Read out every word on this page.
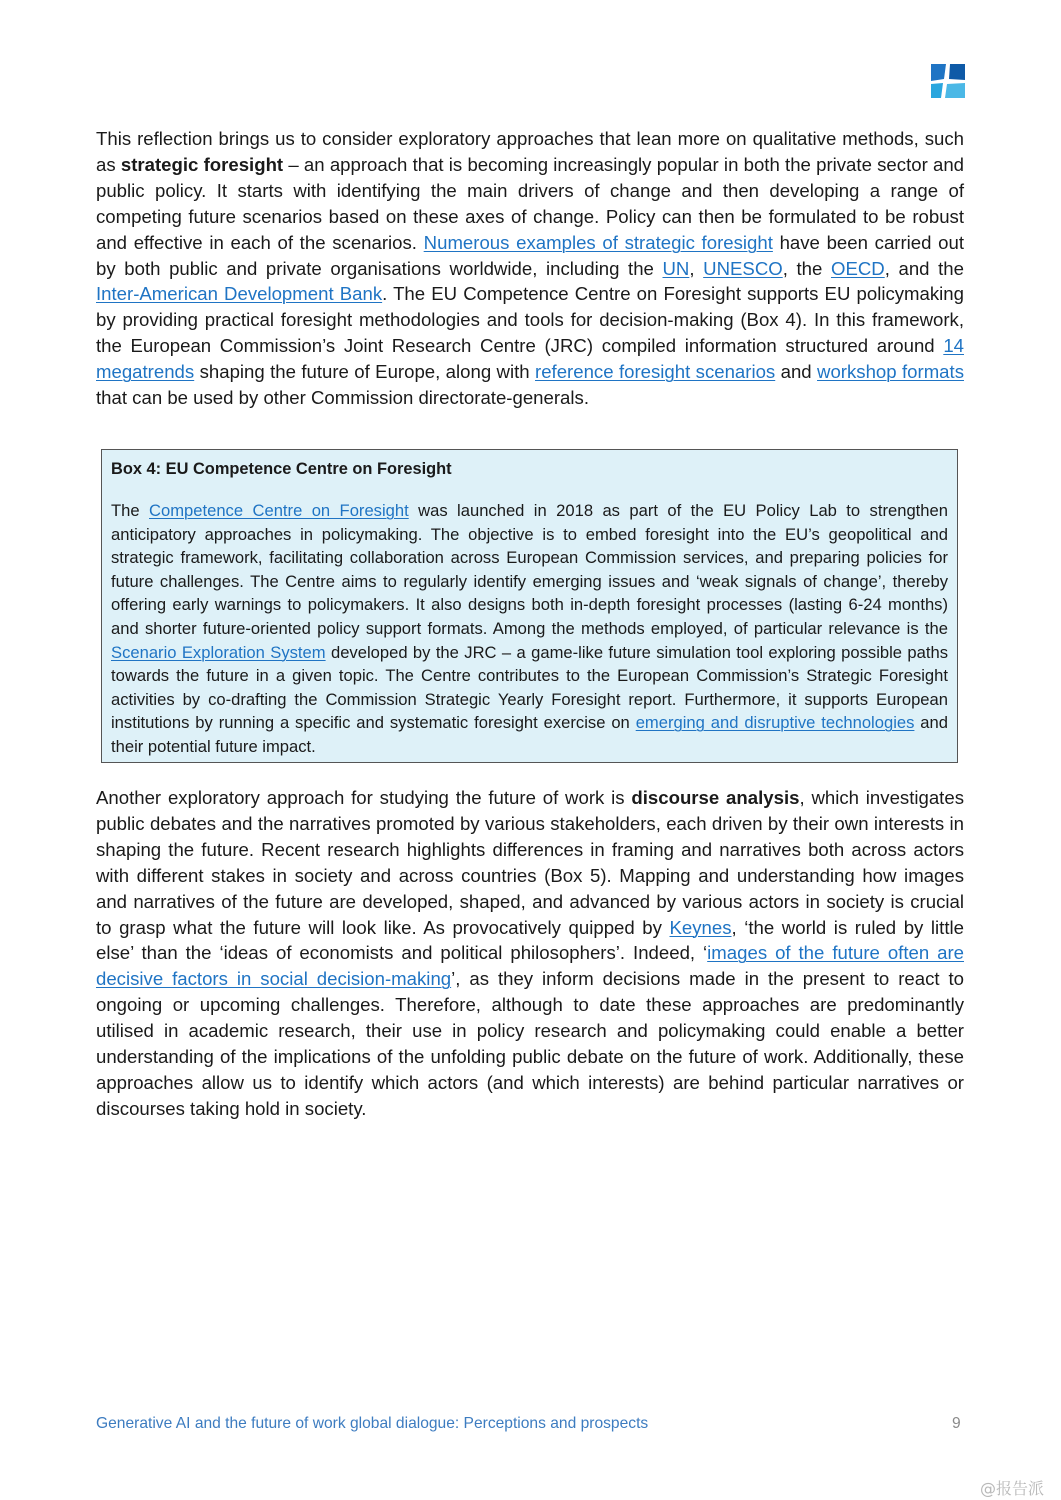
This reflection brings us to consider exploratory approaches that lean more on qualitative methods, such as strategic foresight – an approach that is becoming increasingly popular in both the private sector and public policy. It starts with identifying the main drivers of change and then developing a range of competing future scenarios based on these axes of change. Policy can then be formulated to be robust and effective in each of the scenarios. Numerous examples of strategic foresight have been carried out by both public and private organisations worldwide, including the UN, UNESCO, the OECD, and the Inter-American Development Bank. The EU Competence Centre on Foresight supports EU policymaking by providing practical foresight methodologies and tools for decision-making (Box 4). In this framework, the European Commission’s Joint Research Centre (JRC) compiled information structured around 14 megatrends shaping the future of Europe, along with reference foresight scenarios and workshop formats that can be used by other Commission directorate-generals.

Box 4: EU Competence Centre on Foresight

The Competence Centre on Foresight was launched in 2018 as part of the EU Policy Lab to strengthen anticipatory approaches in policymaking. The objective is to embed foresight into the EU’s geopolitical and strategic framework, facilitating collaboration across European Commission services, and preparing policies for future challenges. The Centre aims to regularly identify emerging issues and ‘weak signals of change’, thereby offering early warnings to policymakers. It also designs both in-depth foresight processes (lasting 6-24 months) and shorter future-oriented policy support formats. Among the methods employed, of particular relevance is the Scenario Exploration System developed by the JRC – a game-like future simulation tool exploring possible paths towards the future in a given topic. The Centre contributes to the European Commission’s Strategic Foresight activities by co-drafting the Commission Strategic Yearly Foresight report. Furthermore, it supports European institutions by running a specific and systematic foresight exercise on emerging and disruptive technologies and their potential future impact.

Another exploratory approach for studying the future of work is discourse analysis, which investigates public debates and the narratives promoted by various stakeholders, each driven by their own interests in shaping the future. Recent research highlights differences in framing and narratives both across actors with different stakes in society and across countries (Box 5). Mapping and understanding how images and narratives of the future are developed, shaped, and advanced by various actors in society is crucial to grasp what the future will look like. As provocatively quipped by Keynes, ‘the world is ruled by little else’ than the ‘ideas of economists and political philosophers’. Indeed, ‘images of the future often are decisive factors in social decision-making’, as they inform decisions made in the present to react to ongoing or upcoming challenges. Therefore, although to date these approaches are predominantly utilised in academic research, their use in policy research and policymaking could enable a better understanding of the implications of the unfolding public debate on the future of work. Additionally, these approaches allow us to identify which actors (and which interests) are behind particular narratives or discourses taking hold in society.

Generative AI and the future of work global dialogue: Perceptions and prospects	9
@报告派
